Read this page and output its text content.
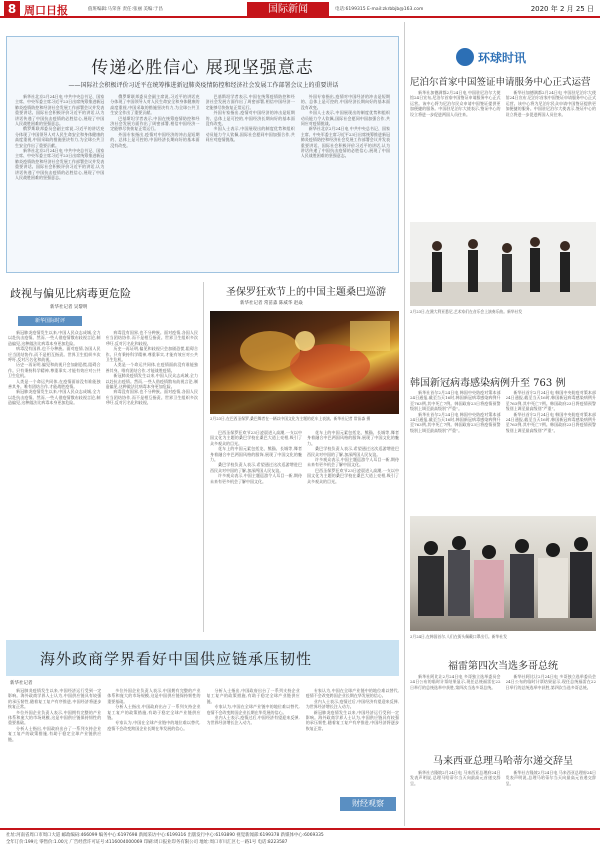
8 周口日报	值班编辑:马荣喜 责任:张丽 美编:于昌	国际新闻	电话:6199315 E-mail:zkrbbjb@163.com	2020 年 2 月 25 日
传递必胜信心 展现坚强意志
——国际社会积极评价习近平在统筹推进新冠肺炎疫情防控和经济社会发展工作部署会议上的重要讲话

新华社北京2月24日电 中共中央总书记、国家主席、中央军委主席习近平23日出席统筹推进新冠肺炎疫情防控和经济社会发展工作部署会议并发表重要讲话。国际社会积极评价习近平的讲话,认为讲话传递了中国抗击疫情的必胜信心,展现了中国人民战胜困难的坚强意志。

俄罗斯联邦委员会副主席说,习近平的讲话充分体现了中国领导人对人民生命安全和身体健康的高度重视,中国采取的措施坚决有力,为全球公共卫生安全作出了重要贡献。

新华社北京2月24日电 中共中央总书记、国家主席、中央军委主席习近平23日出席统筹推进新冠肺炎疫情防控和经济社会发展工作部署会议并发表重要讲话。国际社会积极评价习近平的讲话,认为讲话传递了中国抗击疫情的必胜信心,展现了中国人民战胜困难的坚强意志。

俄罗斯联邦委员会副主席说,习近平的讲话充分体现了中国领导人对人民生命安全和身体健康的高度重视,中国采取的措施坚决有力,为全球公共卫生安全作出了重要贡献。

巴基斯坦学者表示,中国在统筹疫情防控和经济社会发展方面作出了周密部署,相信中国经济一定能够尽快恢复正常运行。

外国专家指出,疫情对中国经济的冲击是短期的、总体上是可控的,中国经济长期向好的基本面没有改变。

巴基斯坦学者表示,中国在统筹疫情防控和经济社会发展方面作出了周密部署,相信中国经济一定能够尽快恢复正常运行。

外国专家指出,疫情对中国经济的冲击是短期的、总体上是可控的,中国经济长期向好的基本面没有改变。

多国人士表示,中国展现出的制度优势和组织动员能力令人钦佩,国际社会愿同中国加强合作,共同应对疫情挑战。

外国专家指出,疫情对中国经济的冲击是短期的、总体上是可控的,中国经济长期向好的基本面没有改变。

多国人士表示,中国展现出的制度优势和组织动员能力令人钦佩,国际社会愿同中国加强合作,共同应对疫情挑战。

新华社北京2月24日电 中共中央总书记、国家主席、中央军委主席习近平23日出席统筹推进新冠肺炎疫情防控和经济社会发展工作部署会议并发表重要讲话。国际社会积极评价习近平的讲话,认为讲话传递了中国抗击疫情的必胜信心,展现了中国人民战胜困难的坚强意志。

歧视与偏见比病毒更危险
新华社记者 吴黎明
新华国际时评

新冠肺炎疫情发生以来,中国人民众志成城,全力以赴抗击疫情。然而,一些人借疫情散布歧视言论,制造偏见,这种做法比病毒本身更加危险。

病毒没有国界,也不分种族。面对疫情,各国人民应当团结协作,而不是相互指责。世界卫生组织多次呼吁,反对污名化和歧视。

历史一再证明,偏见和歧视只会加剧恐慌,阻碍合作。只有秉持科学精神,尊重事实,才能有效应对公共卫生危机。

人类是一个命运共同体,在疫情面前没有谁能独善其身。唯有团结合作,才能战胜疫情。

新冠肺炎疫情发生以来,中国人民众志成城,全力以赴抗击疫情。然而,一些人借疫情散布歧视言论,制造偏见,这种做法比病毒本身更加危险。

病毒没有国界,也不分种族。面对疫情,各国人民应当团结协作,而不是相互指责。世界卫生组织多次呼吁,反对污名化和歧视。

历史一再证明,偏见和歧视只会加剧恐慌,阻碍合作。只有秉持科学精神,尊重事实,才能有效应对公共卫生危机。

人类是一个命运共同体,在疫情面前没有谁能独善其身。唯有团结合作,才能战胜疫情。

新冠肺炎疫情发生以来,中国人民众志成城,全力以赴抗击疫情。然而,一些人借疫情散布歧视言论,制造偏见,这种做法比病毒本身更加危险。

病毒没有国界,也不分种族。面对疫情,各国人民应当团结协作,而不是相互指责。世界卫生组织多次呼吁,反对污名化和歧视。

圣保罗狂欢节上的中国主题桑巴巡游
新华社记者 常苗淼 陈威华 赵焱
2月23日,在巴西圣保罗,桑巴舞者在一辆以中国文化为主题的花车上表演。新华社记者 常苗淼 摄

巴西圣保罗狂欢节23日凌晨进入高潮,一支以中国文化为主题的桑巴学校在桑巴大道上亮相,吸引了众多观众的目光。

花车上的中国元素包括龙、熊猫、长城等,舞者身着融合中巴两国风格的服饰,展现了中国文化的魅力。

桑巴学校负责人表示,希望通过这次巡游增进巴西民众对中国的了解,加深两国人民友谊。

许多观众表示,中国主题巡游令人耳目一新,期待未来有更多机会了解中国文化。

花车上的中国元素包括龙、熊猫、长城等,舞者身着融合中巴两国风格的服饰,展现了中国文化的魅力。

桑巴学校负责人表示,希望通过这次巡游增进巴西民众对中国的了解,加深两国人民友谊。

许多观众表示,中国主题巡游令人耳目一新,期待未来有更多机会了解中国文化。

巴西圣保罗狂欢节23日凌晨进入高潮,一支以中国文化为主题的桑巴学校在桑巴大道上亮相,吸引了众多观众的目光。

海外政商学界看好中国供应链承压韧性
新华社记者

新冠肺炎疫情发生以来,中国经济运行受到一定影响。海外政商学界人士认为,中国供应链具有较强的承压韧性,随着复工复产有序推进,中国经济将逐步恢复正常。

多位外国企业负责人表示,中国拥有完整的产业体系和庞大的市场规模,这是中国供应链保持韧性的重要基础。

分析人士指出,中国政府出台了一系列支持企业复工复产的政策措施,有助于稳定全球产业链供应链。

多位外国企业负责人表示,中国拥有完整的产业体系和庞大的市场规模,这是中国供应链保持韧性的重要基础。

分析人士指出,中国政府出台了一系列支持企业复工复产的政策措施,有助于稳定全球产业链供应链。

专家认为,中国在全球产业链中的地位难以替代,疫情不会改变跨国企业长期在华发展的信心。

分析人士指出,中国政府出台了一系列支持企业复工复产的政策措施,有助于稳定全球产业链供应链。

专家认为,中国在全球产业链中的地位难以替代,疫情不会改变跨国企业长期在华发展的信心。

业内人士表示,疫情过后,中国经济有望迎来反弹,为世界经济增长注入动力。

专家认为,中国在全球产业链中的地位难以替代,疫情不会改变跨国企业长期在华发展的信心。

业内人士表示,疫情过后,中国经济有望迎来反弹,为世界经济增长注入动力。

新冠肺炎疫情发生以来,中国经济运行受到一定影响。海外政商学界人士认为,中国供应链具有较强的承压韧性,随着复工复产有序推进,中国经济将逐步恢复正常。

财经观察
环球时讯
尼泊尔首家中国签证申请服务中心正式运营

新华社加德满都2月24日电 中国驻尼泊尔大使馆24日宣布,尼泊尔首家中国签证申请服务中心正式运营。该中心将为尼泊尔民众申请中国签证提供更加便捷的服务。中国驻尼泊尔大使表示,签证中心的设立将进一步促进两国人员往来。

新华社加德满都2月24日电 中国驻尼泊尔大使馆24日宣布,尼泊尔首家中国签证申请服务中心正式运营。该中心将为尼泊尔民众申请中国签证提供更加便捷的服务。中国驻尼泊尔大使表示,签证中心的设立将进一步促进两国人员往来。

2月23日,在澳大利亚悉尼,艺术家们在音乐会上演奏乐曲。新华社发
韩国新冠病毒感染病例升至 763 例

新华社首尔2月24日电 韩国中央防疫对策本部24日通报,截至当天16时,韩国新冠病毒感染病例升至763例,其中死亡7例。韩国政府23日将疫情预警级别上调至最高级别“严重”。

新华社首尔2月24日电 韩国中央防疫对策本部24日通报,截至当天16时,韩国新冠病毒感染病例升至763例,其中死亡7例。韩国政府23日将疫情预警级别上调至最高级别“严重”。

新华社首尔2月24日电 韩国中央防疫对策本部24日通报,截至当天16时,韩国新冠病毒感染病例升至763例,其中死亡7例。韩国政府23日将疫情预警级别上调至最高级别“严重”。

新华社首尔2月24日电 韩国中央防疫对策本部24日通报,截至当天16时,韩国新冠病毒感染病例升至763例,其中死亡7例。韩国政府23日将疫情预警级别上调至最高级别“严重”。

2月24日,在韩国首尔,人们在街头佩戴口罩出行。新华社发
福雷第四次当选多哥总统

新华社阿比让2月24日电 多哥独立选举委员会24日公布的临时计票结果显示,现任总统福雷在22日举行的总统选举中获胜,第四次当选多哥总统。

新华社阿比让2月24日电 多哥独立选举委员会24日公布的临时计票结果显示,现任总统福雷在22日举行的总统选举中获胜,第四次当选多哥总统。

马来西亚总理马哈蒂尔递交辞呈

新华社吉隆坡2月24日电 马来西亚总理府24日发表声明说,总理马哈蒂尔当天向最高元首递交辞呈。

新华社吉隆坡2月24日电 马来西亚总理府24日发表声明说,总理马哈蒂尔当天向最高元首递交辞呈。

社址:河南省周口市周口大道 邮政编码:466099 编务中心:6197698 新闻采访中心:6199316 出版发行中心:6193890 视觉新闻部:6199378 新媒体中心:6069335
全年订价:199元 零售价:1.00元 广告经营许可证号:4116004000069 印刷:周口报业印务有限公司 地址:周口市川汇区七一路1号 电话:8223587
